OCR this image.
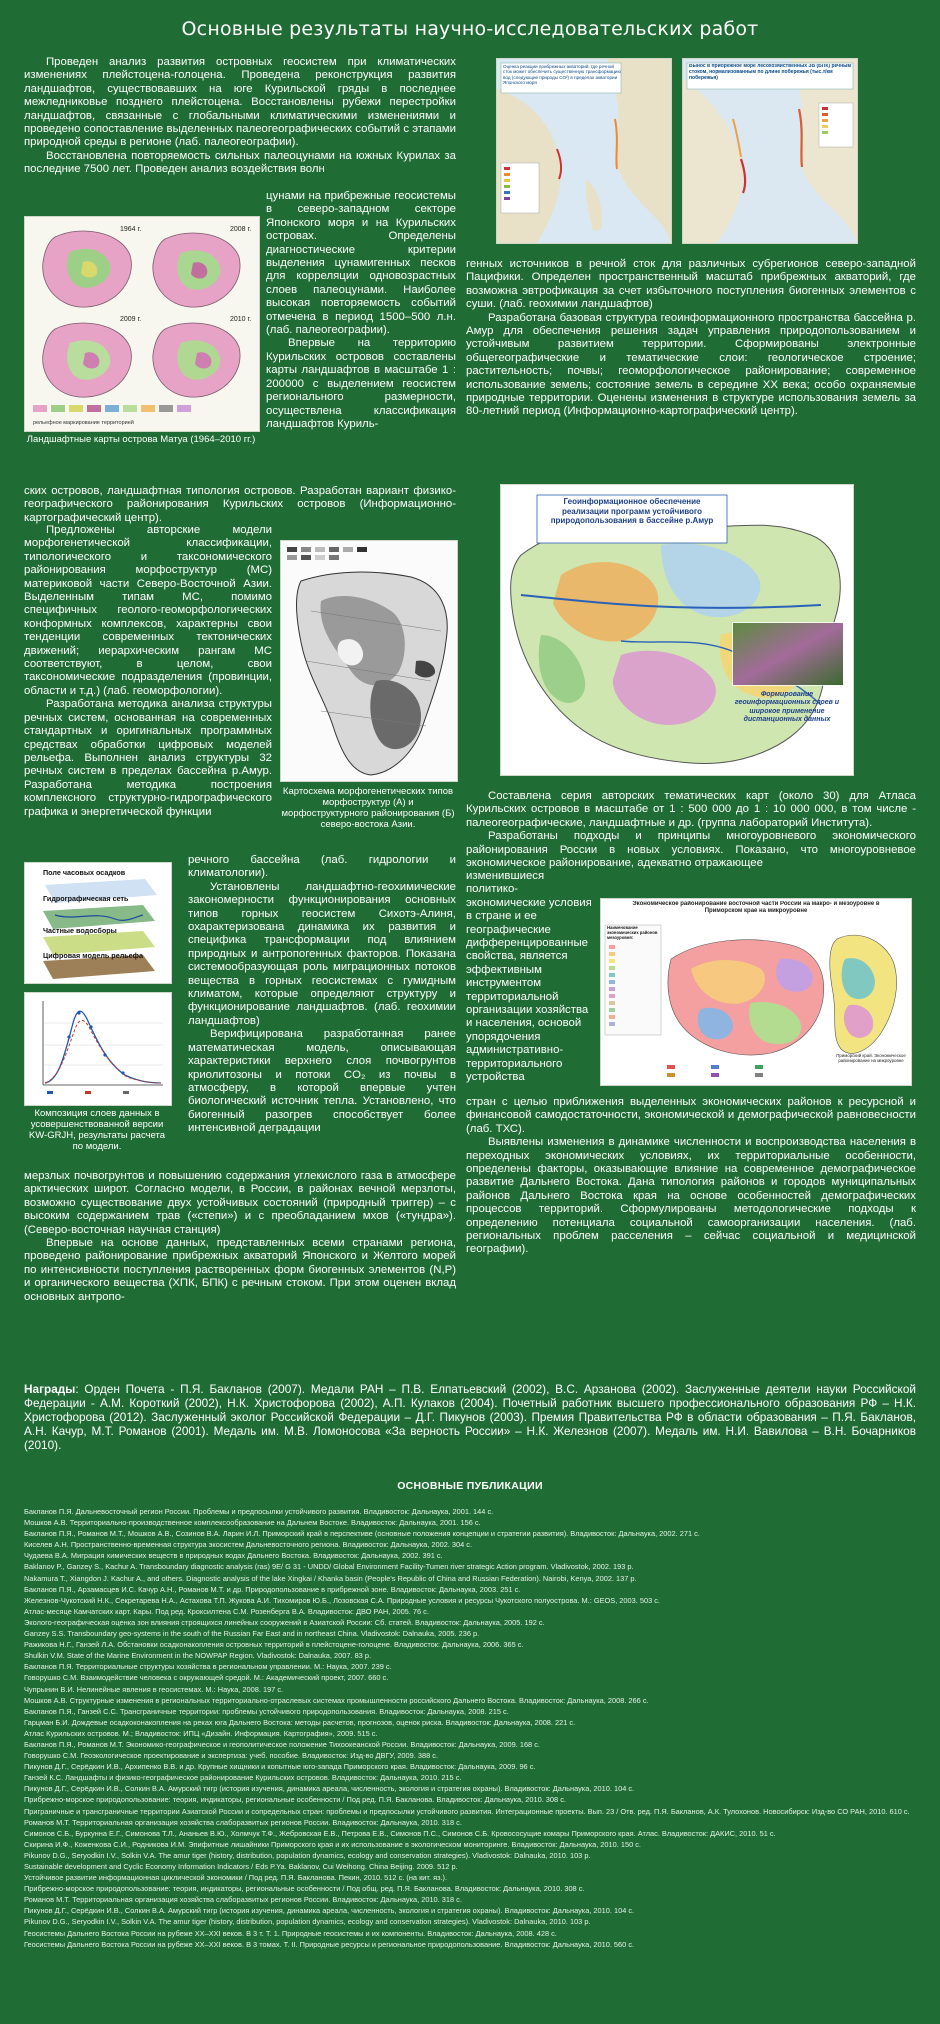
Основные результаты научно-исследовательских работ

Проведен анализ развития островных геосистем при климатических изменениях плейстоцена-голоцена. Проведена реконструкция развития ландшафтов, существовавших на юге Курильской гряды в последнее межледниковье позднего плейстоцена. Восстановлены рубежи перестройки ландшафтов, связанные с глобальными климатическими изменениями и проведено сопоставление выделенных палеогеографических событий с этапами природной среды в регионе (лаб. палеогеографии).

Восстановлена повторяемость сильных палеоцунами на южных Курилах за последние 7500 лет. Проведен анализ воздействия волн

1964 г.	2008 г.
2009 г.	2010 г.
рельефное маркирование территорией
Ландшафтные карты острова Матуа (1964–2010 гг.)

цунами на прибрежные геосистемы в северо-западном секторе Японского моря и на Курильских островах. Определены диагностические критерии выделения цунамигенных песков для корреляции одновозрастных слоев палеоцунами. Наиболее высокая повторяемость событий отмечена в период 1500–500 л.н. (лаб. палеогеографии).

Впервые на территорию Курильских островов составлены карты ландшафтов в масштабе 1 : 200000 с выделением геосистем регионального размерности, осуществлена классификация ландшафтов Куриль-

ских островов, ландшафтная типология островов. Разработан вариант физико-географического районирования Курильских островов (Информационно-картографический центр).

Картосхема морфогенетических типов морфоструктур (А) и морфоструктурного районирования (Б) северо-востока Азии.

Предложены авторские модели морфогенетической классификации, типологического и таксономического районирования морфоструктур (МС) материковой части Северо-Восточной Азии. Выделенным типам МС, помимо специфичных геолого-геоморфологических конформных комплексов, характерны свои тенденции современных тектонических движений; иерархическим рангам МС соответствуют, в целом, свои таксономические подразделения (провинции, области и т.д.) (лаб. геоморфологии).

Разработана методика анализа структуры речных систем, основанная на современных стандартных и оригинальных программных средствах обработки цифровых моделей рельефа. Выполнен анализ структуры 32 речных систем в пределах бассейна р.Амур. Разработана методика построения комплексного структурно-гидрографического графика и энергетической функции

Поле часовых осадков
Гидрографическая сеть
Частные водосборы
Цифровая модель рельефа
Композиция слоев данных в усовершенствованной версии KW-GRJH, результаты расчета по модели.

речного бассейна (лаб. гидрологии и климатологии).

Установлены ландшафтно-геохимические закономерности функционирования основных типов горных геосистем Сихотэ-Алиня, охарактеризована динамика их развития и специфика трансформации под влиянием природных и антропогенных факторов. Показана системообразующая роль миграционных потоков вещества в горных геосистемах с гумидным климатом, которые определяют структуру и функционирование ландшафтов. (лаб. геохимии ландшафтов)

Верифицирована разработанная ранее математическая модель, описывающая характеристики верхнего слоя почвогрунтов криолитозоны и потоки CO₂ из почвы в атмосферу, в которой впервые учтен биологический источник тепла. Установлено, что биогенный разогрев способствует более интенсивной деградации

мерзлых почвогрунтов и повышению содержания углекислого газа в атмосфере арктических широт. Согласно модели, в России, в районах вечной мерзлоты, возможно существование двух устойчивых состояний (природный триггер) – с высоким содержанием трав («степи») и с преобладанием мхов («тундра»). (Северо-восточная научная станция)

Впервые на основе данных, представленных всеми странами региона, проведено районирование прибрежных акваторий Японского и Желтого морей по интенсивности поступления растворенных форм биогенных элементов (N,P) и органического вещества (ХПК, БПК) с речным стоком. При этом оценен вклад основных антропо-

Оценка реакции прибрежных акваторий, где речной сток может обеспечить существенную трансформацию вод (следующие природы СО²) в пределах акватории Японского моря
Вынос в прибрежное море лесохозяйственных ЗВ (БПК) речным стоком, нормализованным по длине побережья (тыс.т/км побережья)

генных источников в речной сток для различных субрегионов северо-западной Пацифики. Определен пространственный масштаб прибрежных акваторий, где возможна эвтрофикация за счет избыточного поступления биогенных элементов с суши. (лаб. геохимии ландшафтов)

Разработана базовая структура геоинформационного пространства бассейна р. Амур для обеспечения решения задач управления природопользованием и устойчивым развитием территории. Сформированы электронные общегеографические и тематические слои: геологическое строение; растительность; почвы; геоморфологическое районирование; современное использование земель; состояние земель в середине XX века; особо охраняемые природные территории. Оценены изменения в структуре использования земель за 80-летний период (Информационно-картографический центр).

Геоинформационное обеспечение реализации программ устойчивого природопользования в бассейне р.Амур
Формирование геоинформационных слоев и широкое применение дистанционных данных

Составлена серия авторских тематических карт (около 30) для Атласа Курильских островов в масштабе от 1 : 500 000 до 1 : 10 000 000, в том числе - палеогеографические, ландшафтные и др. (группа лабораторий Института).

Разработаны подходы и принципы многоуровневого экономического районирования России в новых условиях. Показано, что многоуровневое экономическое районирование, адекватно отражающее

изменившиеся политико-экономические условия в стране и ее географические дифференцированные свойства, является эффективным инструментом территориальной организации хозяйства и населения, основой упорядочения административно-территориального устройства

Экономическое районирование восточной части России на макро- и мезоуровне в Приморском крае на микроуровне
Наименование экономических районов мезоуровня:
Приморский край. Экономическое районирование на микроуровне

стран с целью приближения выделенных экономических районов к ресурсной и финансовой самодостаточности, экономической и демографической равновесности (лаб. ТХС).

Выявлены изменения в динамике численности и воспроизводства населения в переходных экономических условиях, их территориальные особенности, определены факторы, оказывающие влияние на современное демографическое развитие Дальнего Востока. Дана типология районов и городов муниципальных районов Дальнего Востока края на основе особенностей демографических процессов территорий. Сформулированы методологические подходы к определению потенциала социальной самоорганизации населения. (лаб. региональных проблем расселения – сейчас социальной и медицинской географии).

Награды: Орден Почета - П.Я. Бакланов (2007). Медали РАН – П.В. Елпатьевский (2002), В.С. Арзанова (2002). Заслуженные деятели науки Российской Федерации - А.М. Короткий (2002), Н.К. Христофорова (2002), А.П. Кулаков (2004). Почетный работник высшего профессионального образования РФ – Н.К. Христофорова (2012). Заслуженный эколог Российской Федерации – Д.Г. Пикунов (2003). Премия Правительства РФ в области образования – П.Я. Бакланов, А.Н. Качур, М.Т. Романов (2001). Медаль им. М.В. Ломоносова «За верность России» – Н.К. Железнов (2007). Медаль им. Н.И. Вавилова – В.Н. Бочарников (2010).
ОСНОВНЫЕ ПУБЛИКАЦИИ
Бакланов П.Я. Дальневосточный регион России. Проблемы и предпосылки устойчивого развития. Владивосток: Дальнаука, 2001. 144 с.
Мошков А.В. Территориально-производственное комплексообразование на Дальнем Востоке. Владивосток: Дальнаука, 2001. 156 с.
Бакланов П.Я., Романов М.Т., Мошков А.В., Созинов В.А. Ларин И.Л. Приморский край в перспективе (основные положения концепции и стратегии развития). Владивосток: Дальнаука, 2002. 271 с.
Киселев А.Н. Пространственно-временная структура экосистем Дальневосточного региона. Владивосток: Дальнаука, 2002. 304 с.
Чудаева В.А. Миграция химических веществ в природных водах Дальнего Востока. Владивосток: Дальнаука, 2002. 391 с.
Baklanov P., Ganzey S., Kachur A. Transboundary diagnostic analysis (ras) 9E/ G 31 - UNDD/ Global Environment Facility-Tumen river strategic Action program. Vladivostok, 2002. 193 p.
Nakamura T., Xiangdon J. Kachur A., and others. Diagnostic analysis of the lake Xingkai / Khanka basin (People's Republic of China and Russian Federation). Nairobi, Kenya, 2002. 137 p.
Бакланов П.Я., Арзамасцев И.С. Качур А.Н., Романов М.Т. и др. Природопользование в прибрежной зоне. Владивосток: Дальнаука, 2003. 251 с.
Железнов-Чукотский Н.К., Секретарева Н.А., Астахова Т.П. Жукова А.И. Тихомиров Ю.Б., Лозовская С.А. Природные условия и ресурсы Чукотского полуострова. М.: GEOS, 2003. 503 с.
Атлас-месяце Камчатских карт. Кары. Под ред. Кроксилтена С.М. Розенберга В.А. Владивосток: ДВО РАН, 2005. 76 с.
Эколого-географическая оценка зон влияния строящихся линейных сооружений в Азиатской России: Сб. статей. Владивосток: Дальнаука, 2005. 192 с.
Ganzey S.S. Transboundary geo-systems in the south of the Russian Far East and in northeast China. Vladivostok: Dalnauka, 2005. 236 p.
Ражикова Н.Г., Ганзей Л.А. Обстановки осадконакопления островных территорий в плейстоцене-голоцене. Владивосток: Дальнаука, 2006. 365 с.
Shulkin V.M. State of the Marine Environment in the NOWPAP Region. Vladivostok: Dalnauka, 2007. 83 p.
Бакланов П.Я. Территориальные структуры хозяйства в региональном управлении. М.: Наука, 2007. 239 с.
Говорушко С.М. Взаимодействие человека с окружающей средой. М.: Академический проект, 2007. 660 с.
Чупрынин В.И. Нелинейные явления в геосистемах. М.: Наука, 2008. 197 с.
Мошков А.В. Структурные изменения в региональных территориально-отраслевых системах промышленности российского Дальнего Востока. Владивосток: Дальнаука, 2008. 266 с.
Бакланов П.Я., Ганзей С.С. Трансграничные территории: проблемы устойчивого природопользования. Владивосток: Дальнаука, 2008. 215 с.
Гарцман Б.И. Дождевые осадкоконакопления на реках юга Дальнего Востока: методы расчетов, прогнозов, оценок риска. Владивосток: Дальнаука, 2008. 221 с.
Атлас Курильских островов. М.; Владивосток: ИПЦ «Дизайн. Информация. Картография», 2009. 515 с.
Бакланов П.Я., Романов М.Т. Экономико-географическое и геополитическое положение Тихоокеанской России. Владивосток: Дальнаука, 2009. 168 с.
Говорушко С.М. Геоэкологическое проектирование и экспертиза: учеб. пособие. Владивосток: Изд-во ДВГУ, 2009. 388 с.
Пикунов Д.Г., Серёдкин И.В., Архипенко В.В. и др. Крупные хищники и копытные юго-запада Приморского края. Владивосток: Дальнаука, 2009. 96 с.
Ганзей К.С. Ландшафты и физико-географическое районирование Курильских островов. Владивосток: Дальнаука, 2010. 215 с.
Пикунов Д.Г., Серёдкин И.В., Солкин В.А. Амурский тигр (история изучения, динамика ареала, численность, экология и стратегия охраны). Владивосток: Дальнаука, 2010. 104 с.
Прибрежно-морское природопользование: теория, индикаторы, региональные особенности / Под ред. П.Я. Бакланова. Владивосток: Дальнаука, 2010. 308 с.
Приграничные и трансграничные территории Азиатской России и сопредельных стран: проблемы и предпосылки устойчивого развития. Интеграционные проекты. Вып. 23 / Отв. ред. П.Я. Бакланов, А.К. Тулохонов. Новосибирск: Изд-во СО РАН, 2010. 610 с.
Романов М.Т. Территориальная организация хозяйства слаборазвитых регионов России. Владивосток: Дальнаука, 2010. 318 с.
Симонов С.Б., Буркунна Е.Г., Симонова Т.Л., Ананьев В.Ю., Холмчук Т.Ф., Жебровская Е.В., Петрова Е.В., Симонов П.С., Симонов С.Б. Кровососущие комары Приморского края. Атлас. Владивосток: ДАКИС, 2010. 51 с.
Скирина И.Ф., Коженкова С.И., Родникова И.М. Эпифитные лишайники Приморского края и их использование в экологическом мониторинге. Владивосток: Дальнаука, 2010. 150 с.
Pikunov D.G., Seryodkin I.V., Solkin V.A. The amur tiger (history, distribution, population dynamics, ecology and conservation strategies). Vladivostok: Dalnauka, 2010. 103 p.
Sustainable development and Cyclic Economy Information Indicators / Eds P.Ya. Baklanov, Cui Weihong. China Beijing. 2009. 512 p.
Устойчивое развитие информационная циклической экономики / Под ред. П.Я. Бакланова. Пекин, 2010. 512 с. (на кит. яз.).
Прибрежно-морское природопользование: теория, индикаторы, региональные особенности / Под общ. ред. П.Я. Бакланова. Владивосток: Дальнаука, 2010. 308 с.
Романов М.Т. Территориальная организация хозяйства слаборазвитых регионов России. Владивосток: Дальнаука, 2010. 318 с.
Пикунов Д.Г., Серёдкин И.В., Солкин В.А. Амурский тигр (история изучения, динамика ареала, численность, экология и стратегия охраны). Владивосток: Дальнаука, 2010. 104 с.
Pikunov D.G., Seryodkin I.V., Solkin V.A. The amur tiger (history, distribution, population dynamics, ecology and conservation strategies). Vladivostok: Dalnauka, 2010. 103 p.
Геосистемы Дальнего Востока России на рубеже XX–XXI веков. В 3 т. Т. 1. Природные геосистемы и их компоненты. Владивосток: Дальнаука, 2008. 428 с.
Геосистемы Дальнего Востока России на рубеже XX–XXI веков. В 3 томах. Т. II. Природные ресурсы и региональное природопользование. Владивосток: Дальнаука, 2010. 560 с.
